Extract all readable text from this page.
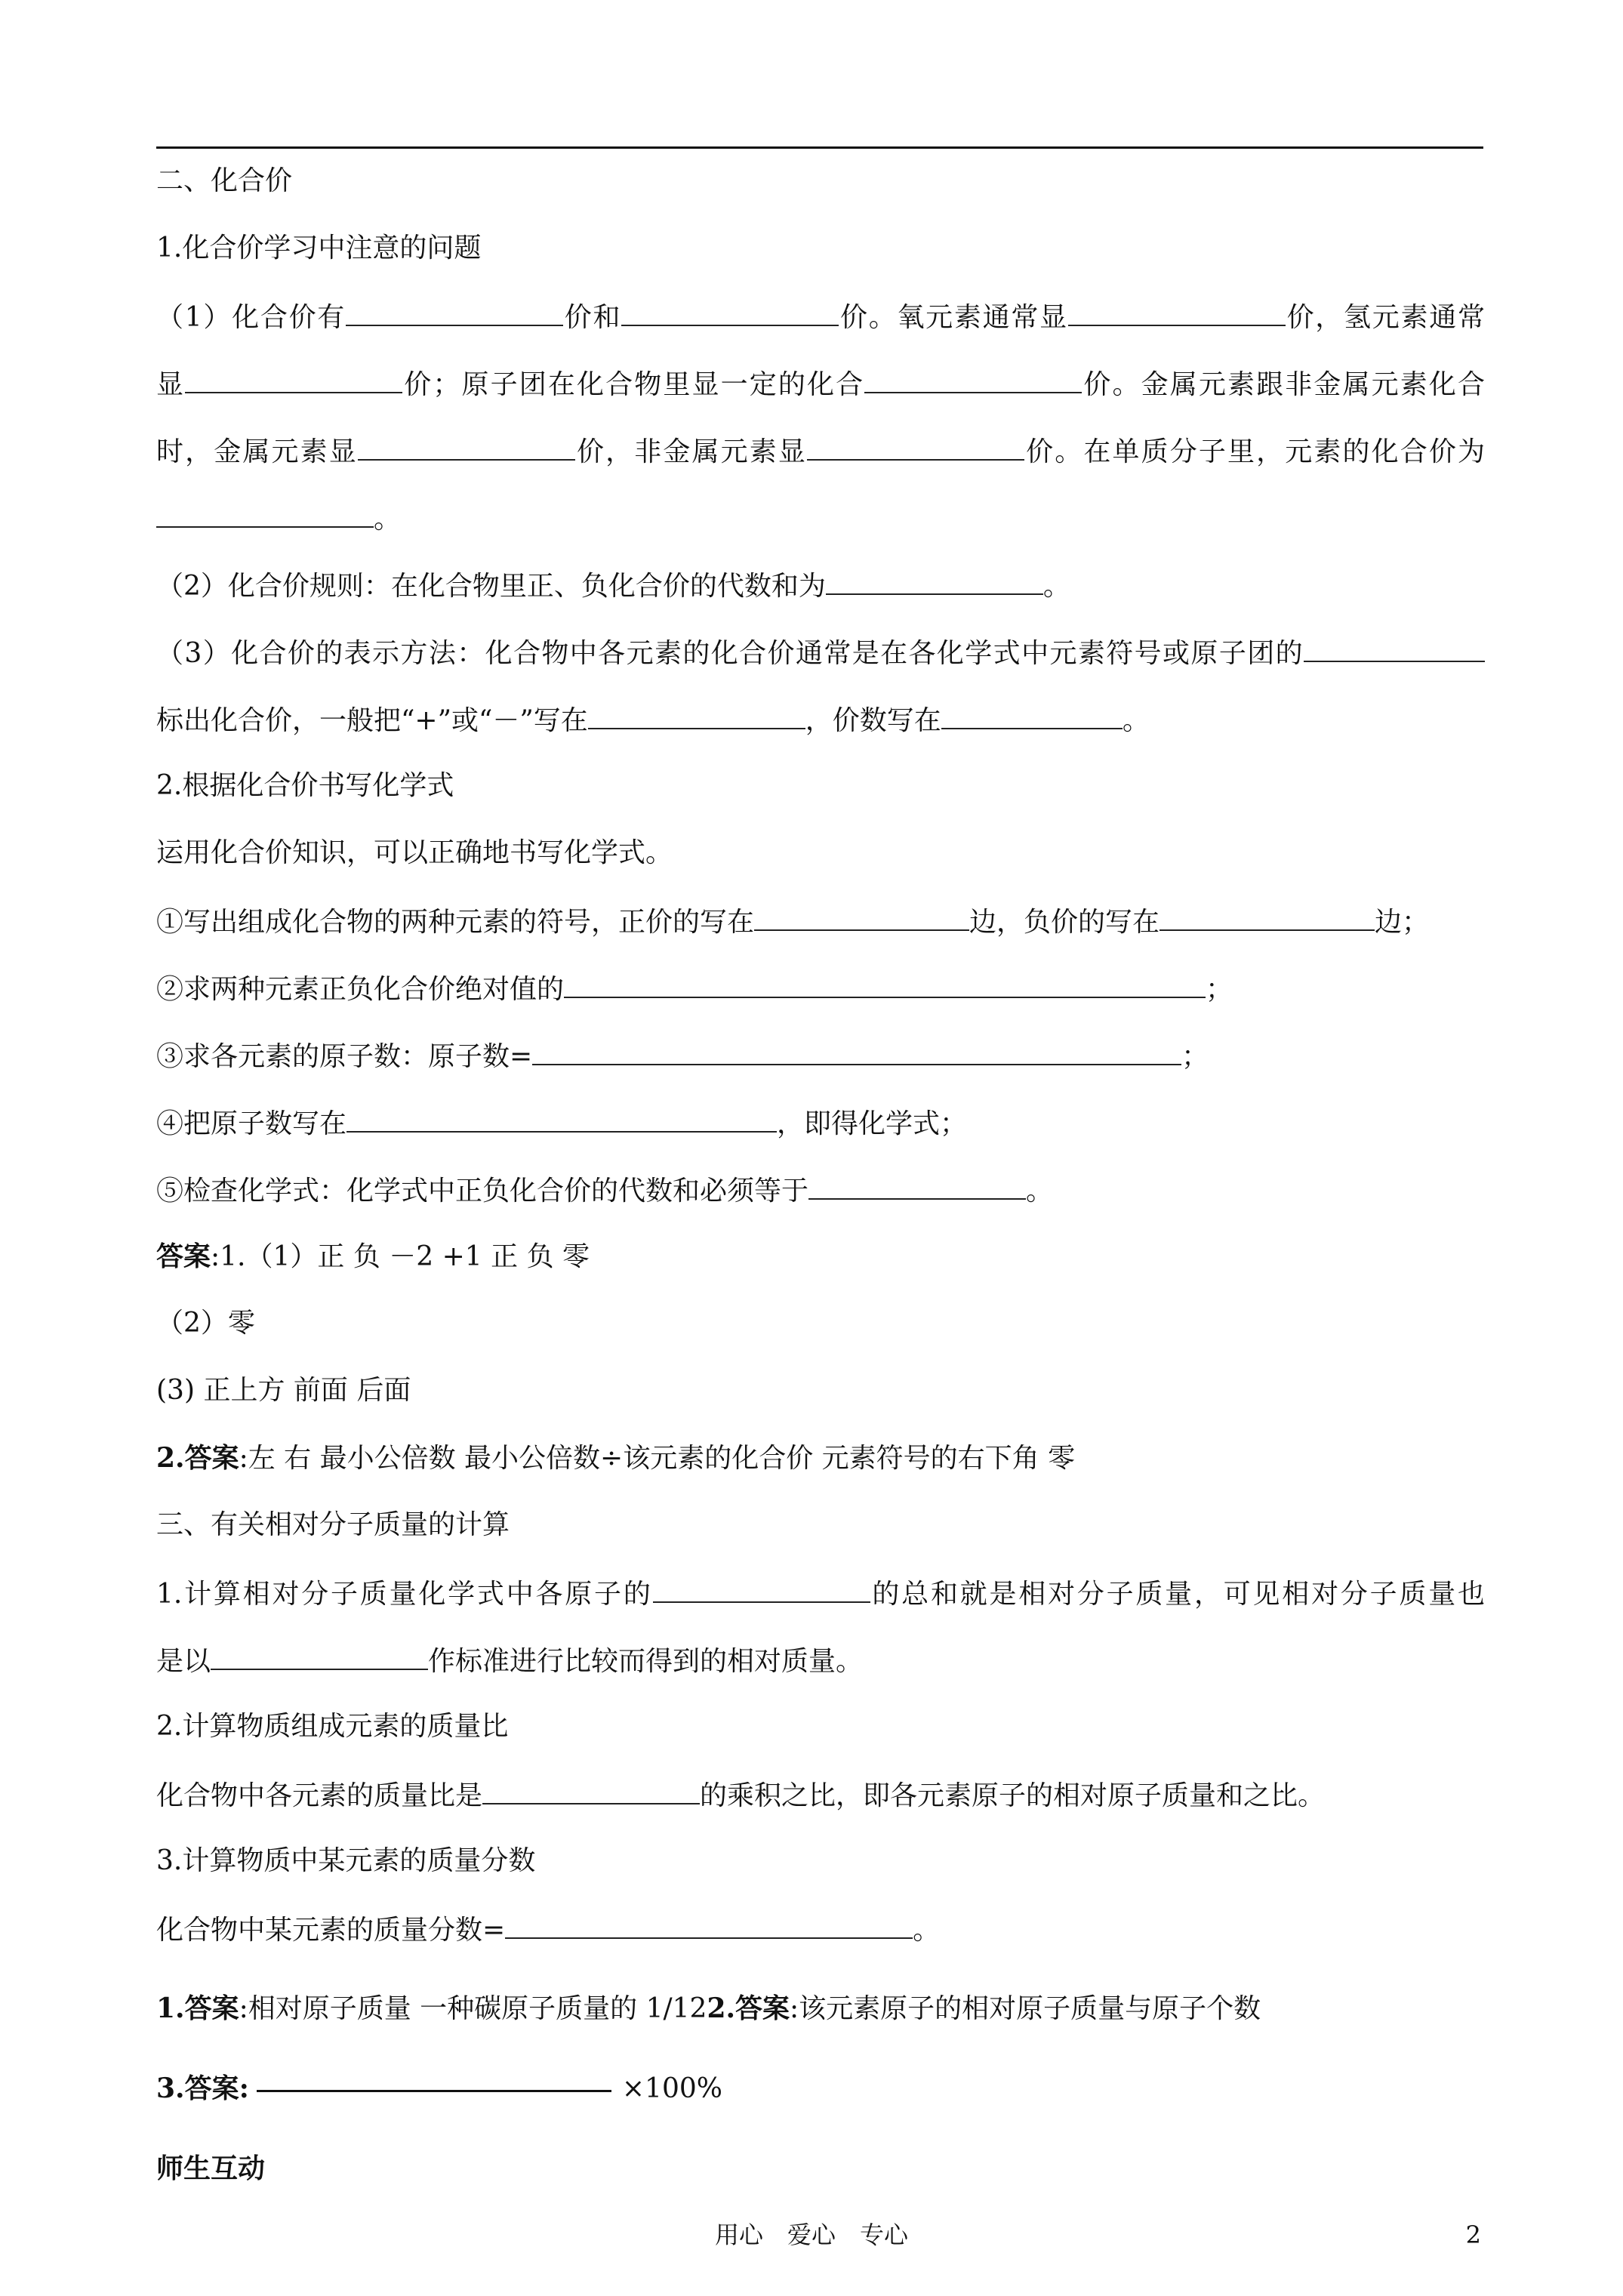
二、化合价
1.化合价学习中注意的问题
（1）化合价有	价和	价。氧元素通常显	价，氢元素通常
显	价；原子团在化合物里显一定的化合	价。金属元素跟非金属元素化合
时，金属元素显	价，非金属元素显	价。在单质分子里，元素的化合价为
。
（2）化合价规则：在化合物里正、负化合价的代数和为	。
（3）化合价的表示方法：化合物中各元素的化合价通常是在各化学式中元素符号或原子团的
标出化合价，一般把“+”或“－”写在	，价数写在	。
2.根据化合价书写化学式
运用化合价知识，可以正确地书写化学式。
①写出组成化合物的两种元素的符号，正价的写在	边，负价的写在	边；
②求两种元素正负化合价绝对值的	；
③求各元素的原子数：原子数=	；
④把原子数写在	，即得化学式；
⑤检查化学式：化学式中正负化合价的代数和必须等于	。
答案:1.（1）正 负 －2 +1 正 负 零
（2）零
(3) 正上方 前面 后面
2.答案:左 右 最小公倍数 最小公倍数÷该元素的化合价 元素符号的右下角 零
三、有关相对分子质量的计算
1.计算相对分子质量化学式中各原子的	的总和就是相对分子质量，可见相对分子质量也
是以	作标准进行比较而得到的相对质量。
2.计算物质组成元素的质量比
化合物中各元素的质量比是	的乘积之比，即各元素原子的相对原子质量和之比。
3.计算物质中某元素的质量分数
化合物中某元素的质量分数=	。
1.答案:相对原子质量 一种碳原子质量的 1/122.答案:该元素原子的相对原子质量与原子个数
3.答案:	×100%
师生互动
用心　爱心　专心	2
